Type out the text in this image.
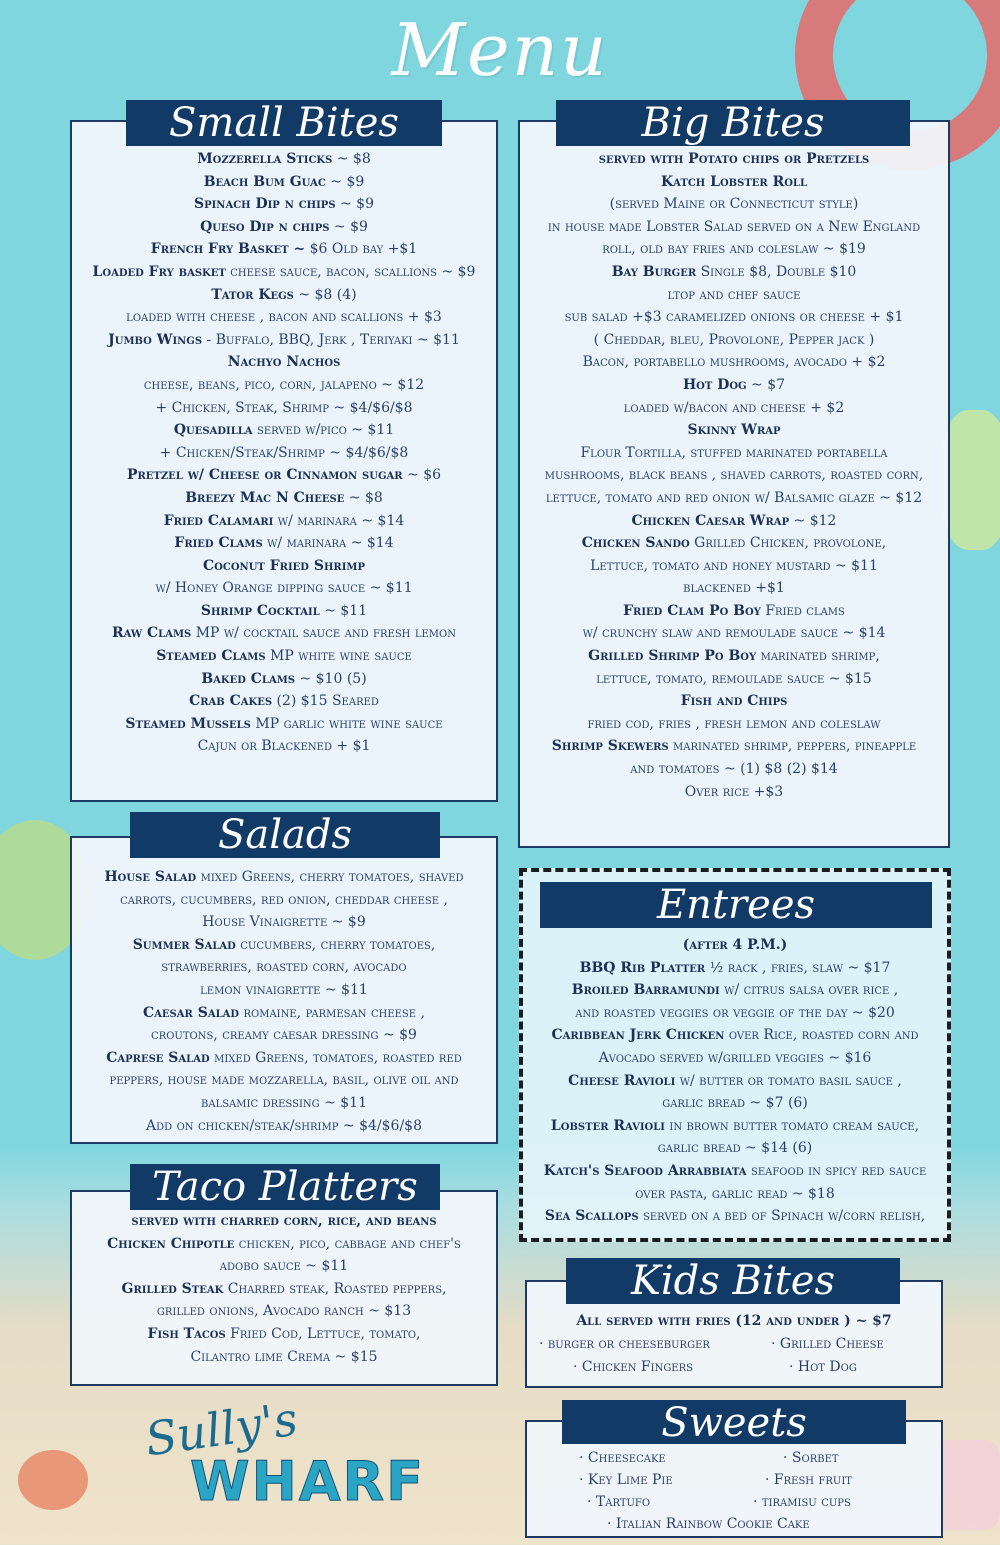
Menu
Mozzerella Sticks ~ $8
Beach Bum Guac ~ $9
Spinach Dip n chips ~ $9
Queso Dip n chips ~ $9
French Fry Basket ~ $6 Old bay +$1
Loaded Fry basket cheese sauce, bacon, scallions ~ $9
Tator Kegs ~ $8 (4)
loaded with cheese , bacon and scallions + $3
Jumbo Wings - Buffalo, BBQ, Jerk , Teriyaki ~ $11
Nachyo Nachos
cheese, beans, pico, corn, jalapeno ~ $12
+ Chicken, Steak, Shrimp ~ $4/$6/$8
Quesadilla served w/pico ~ $11
+ Chicken/Steak/Shrimp ~ $4/$6/$8
Pretzel w/ Cheese or Cinnamon sugar ~ $6
Breezy Mac N Cheese ~ $8
Fried Calamari w/ marinara ~ $14
Fried Clams w/ marinara ~ $14
Coconut Fried Shrimp
w/ Honey Orange dipping sauce ~ $11
Shrimp Cocktail ~ $11
Raw Clams MP w/ cocktail sauce and fresh lemon
Steamed Clams MP white wine sauce
Baked Clams ~ $10 (5)
Crab Cakes (2) $15 Seared
Steamed Mussels MP garlic white wine sauce
Cajun or Blackened + $1
Small Bites
served with Potato chips or Pretzels
Katch Lobster Roll
(served Maine or Connecticut style)
in house made Lobster Salad served on a New England
roll, old bay fries and coleslaw ~ $19
Bay Burger Single $8, Double $10
ltop and chef sauce
sub salad +$3 caramelized onions or cheese + $1
( Cheddar, bleu, Provolone, Pepper jack )
Bacon, portabello mushrooms, avocado + $2
Hot Dog ~ $7
loaded w/bacon and cheese + $2
Skinny Wrap
Flour Tortilla, stuffed marinated portabella
mushrooms, black beans , shaved carrots, roasted corn,
lettuce, tomato and red onion w/ Balsamic glaze ~ $12
Chicken Caesar Wrap ~ $12
Chicken Sando Grilled Chicken, provolone,
Lettuce, tomato and honey mustard ~ $11
blackened +$1
Fried Clam Po Boy Fried clams
w/ crunchy slaw and remoulade sauce ~ $14
Grilled Shrimp Po Boy marinated shrimp,
lettuce, tomato, remoulade sauce ~ $15
Fish and Chips
fried cod, fries , fresh lemon and coleslaw
Shrimp Skewers marinated shrimp, peppers, pineapple
and tomatoes ~ (1) $8 (2) $14
Over rice +$3
Big Bites
House Salad mixed Greens, cherry tomatoes, shaved
carrots, cucumbers, red onion, cheddar cheese ,
House Vinaigrette ~ $9
Summer Salad cucumbers, cherry tomatoes,
strawberries, roasted corn, avocado
lemon vinaigrette ~ $11
Caesar Salad romaine, parmesan cheese ,
croutons, creamy caesar dressing ~ $9
Caprese Salad mixed Greens, tomatoes, roasted red
peppers, house made mozzarella, basil, olive oil and
balsamic dressing ~ $11
Add on chicken/steak/shrimp ~ $4/$6/$8
Salads
served with charred corn, rice, and beans
Chicken Chipotle chicken, pico, cabbage and chef's
adobo sauce ~ $11
Grilled Steak Charred steak, Roasted peppers,
grilled onions, Avocado ranch ~ $13
Fish Tacos Fried Cod, Lettuce, tomato,
Cilantro lime Crema ~ $15
Taco Platters
(after 4 P.M.)
BBQ Rib Platter ½ rack , fries, slaw ~ $17
Broiled Barramundi w/ citrus salsa over rice ,
and roasted veggies or veggie of the day ~ $20
Caribbean Jerk Chicken over Rice, roasted corn and
Avocado served w/grilled veggies ~ $16
Cheese Ravioli w/ butter or tomato basil sauce ,
garlic bread ~ $7 (6)
Lobster Ravioli in brown butter tomato cream sauce,
garlic bread ~ $14 (6)
Katch's Seafood Arrabbiata seafood in spicy red sauce
over pasta, garlic read ~ $18
Sea Scallops served on a bed of Spinach w/corn relish,
Entrees
All served with fries (12 and under ) ~ $7
· burger or cheeseburger	· Grilled Cheese
· Chicken Fingers	· Hot Dog
Kids Bites
· Cheesecake	· Sorbet
· Key Lime Pie	· Fresh fruit
· Tartufo	· tiramisu cups
· Italian Rainbow Cookie Cake
Sweets
Sully's
WHARF
